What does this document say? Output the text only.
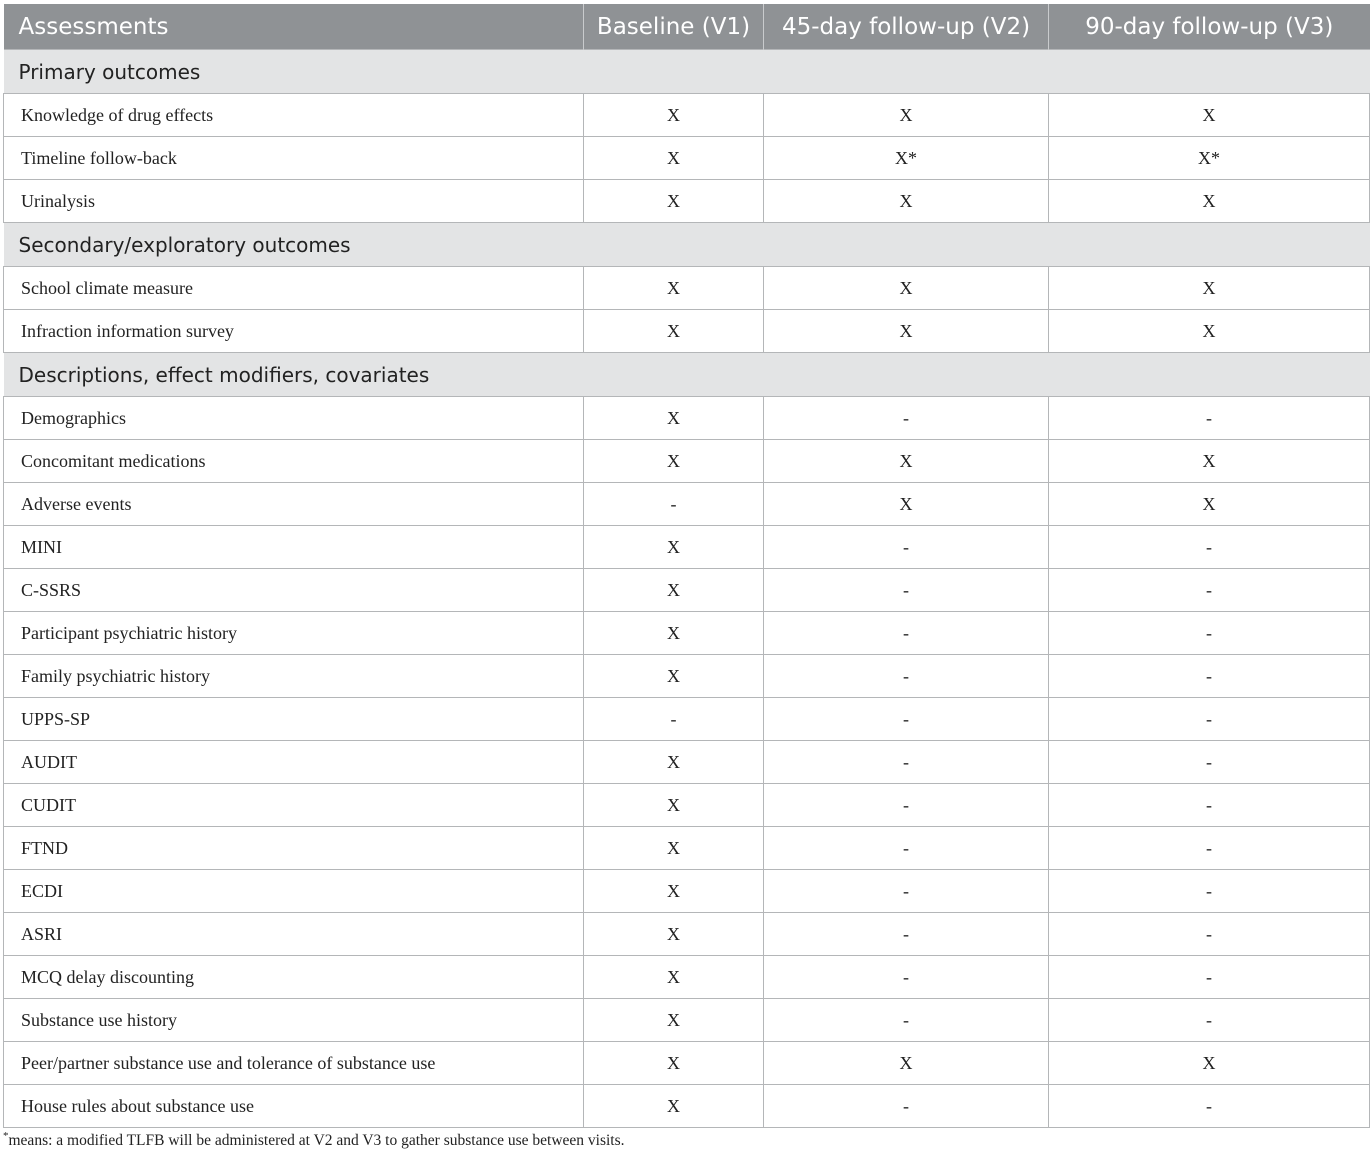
Assessments	Baseline (V1)	45-day follow-up (V2)	90-day follow-up (V3)
Primary outcomes			
Knowledge of drug effects	X	X	X
Timeline follow-back	X	X*	X*
Urinalysis	X	X	X
Secondary/exploratory outcomes			
School climate measure	X	X	X
Infraction information survey	X	X	X
Descriptions, effect modifiers, covariates			
Demographics	X	-	-
Concomitant medications	X	X	X
Adverse events	-	X	X
MINI	X	-	-
C-SSRS	X	-	-
Participant psychiatric history	X	-	-
Family psychiatric history	X	-	-
UPPS-SP	-	-	-
AUDIT	X	-	-
CUDIT	X	-	-
FTND	X	-	-
ECDI	X	-	-
ASRI	X	-	-
MCQ delay discounting	X	-	-
Substance use history	X	-	-
Peer/partner substance use and tolerance of substance use	X	X	X
House rules about substance use	X	-	-
*means: a modified TLFB will be administered at V2 and V3 to gather substance use between visits.
